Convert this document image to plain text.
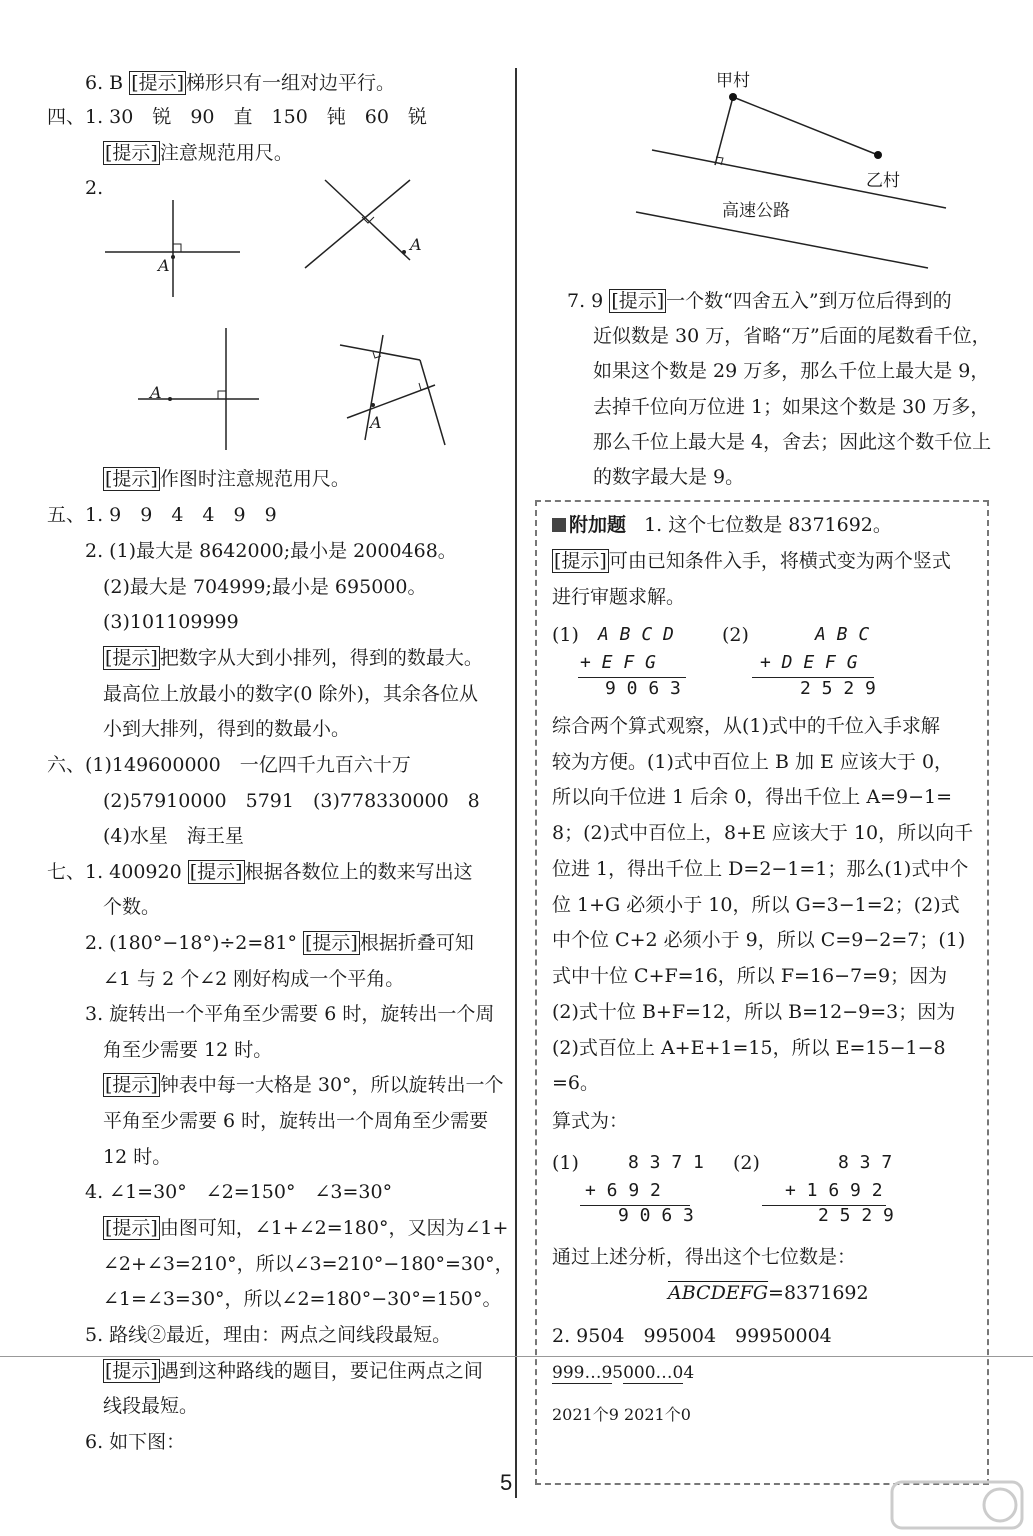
6. B [提示] 梯形只有一组对边平行。
四、1. 30　锐　90　直　150　钝　60　锐
[提示] 注意规范用尺。
2.
A
A
A
A
[提示] 作图时注意规范用尺。
五、1. 9　9　4　4　9　9
2. (1)最大是 8642000;最小是 2000468。
(2)最大是 704999;最小是 695000。
(3)101109999
[提示] 把数字从大到小排列，得到的数最大。
最高位上放最小的数字(0 除外)，其余各位从
小到大排列，得到的数最小。
六、(1)149600000　一亿四千九百六十万
(2)57910000　5791　(3)778330000　8
(4)水星　海王星
七、1. 400920 [提示] 根据各数位上的数来写出这
个数。
2. (180°−18°)÷2=81° [提示] 根据折叠可知
∠1 与 2 个∠2 刚好构成一个平角。
3. 旋转出一个平角至少需要 6 时，旋转出一个周
角至少需要 12 时。
[提示] 钟表中每一大格是 30°，所以旋转出一个
平角至少需要 6 时，旋转出一个周角至少需要
12 时。
4. ∠1=30°　∠2=150°　∠3=30°
[提示] 由图可知，∠1+∠2=180°，又因为∠1+
∠2+∠3=210°，所以∠3=210°−180°=30°，
∠1=∠3=30°，所以∠2=180°−30°=150°。
5. 路线②最近，理由：两点之间线段最短。
[提示] 遇到这种路线的题目，要记住两点之间
线段最短。
6. 如下图：
甲村
乙村
高速公路
7. 9 [提示] 一个数“四舍五入”到万位后得到的
近似数是 30 万，省略“万”后面的尾数看千位，
如果这个数是 29 万多，那么千位上最大是 9，
去掉千位向万位进 1；如果这个数是 30 万多，
那么千位上最大是 4，舍去；因此这个数千位上
的数字最大是 9。
附加题 1. 这个七位数是 8371692。
[提示] 可由已知条件入手，将横式变为两个竖式
进行审题求解。
(1) A B C D
+ E F G
9 0 6 3
(2)	A B C
+ D E F G
2 5 2 9
综合两个算式观察，从(1)式中的千位入手求解
较为方便。(1)式中百位上 B 加 E 应该大于 0，
所以向千位进 1 后余 0，得出千位上 A=9−1=
8；(2)式中百位上，8+E 应该大于 10，所以向千
位进 1，得出千位上 D=2−1=1；那么(1)式中个
位 1+G 必须小于 10，所以 G=3−1=2；(2)式
中个位 C+2 必须小于 9，所以 C=9−2=7；(1)
式中十位 C+F=16，所以 F=16−7=9；因为
(2)式十位 B+F=12，所以 B=12−9=3；因为
(2)式百位上 A+E+1=15，所以 E=15−1−8
=6。
算式为：
(1)	8 3 7 1
+ 6 9 2
9 0 6 3
(2)	8 3 7
+ 1 6 9 2
2 5 2 9
通过上述分析，得出这个七位数是：
ABCDEFG=8371692
2. 9504　995004　99950004
999…95000…04
2021个9 2021个0
5
